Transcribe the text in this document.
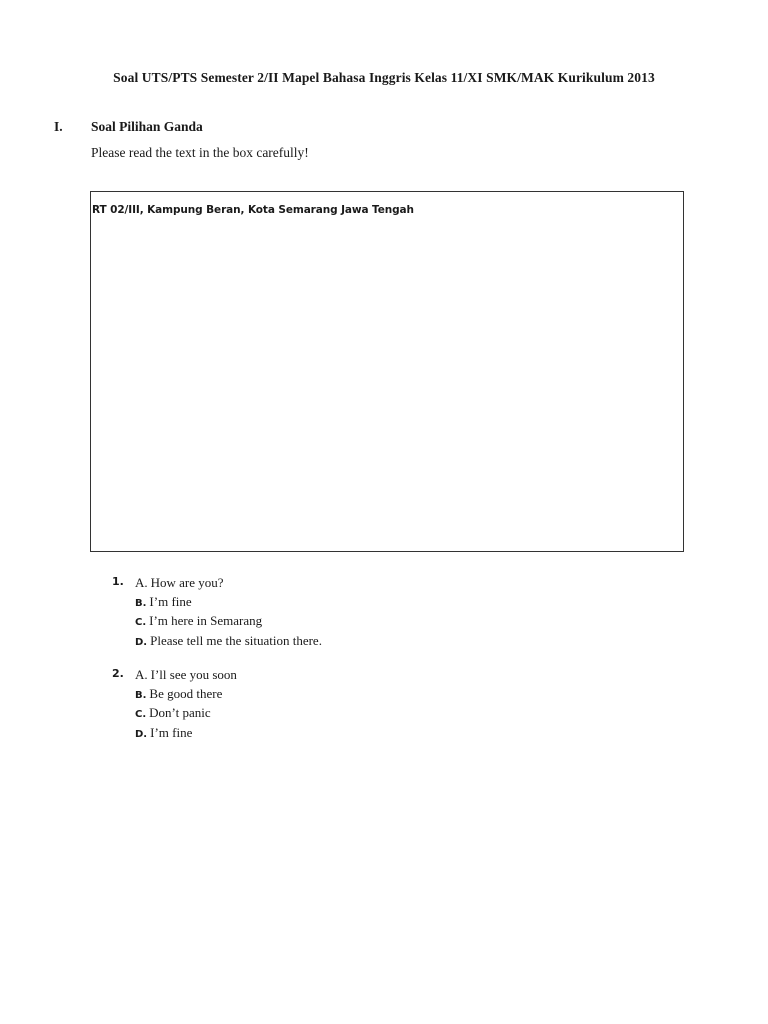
Soal UTS/PTS Semester 2/II Mapel Bahasa Inggris Kelas 11/XI SMK/MAK Kurikulum 2013
I. Soal Pilihan Ganda
Please read the text in the box carefully!
RT 02/III, Kampung Beran, Kota Semarang Jawa Tengah
1. A. How are you?
B. I’m fine
C. I’m here in Semarang
D. Please tell me the situation there.
2. A. I’ll see you soon
B. Be good there
C. Don’t panic
D. I’m fine
